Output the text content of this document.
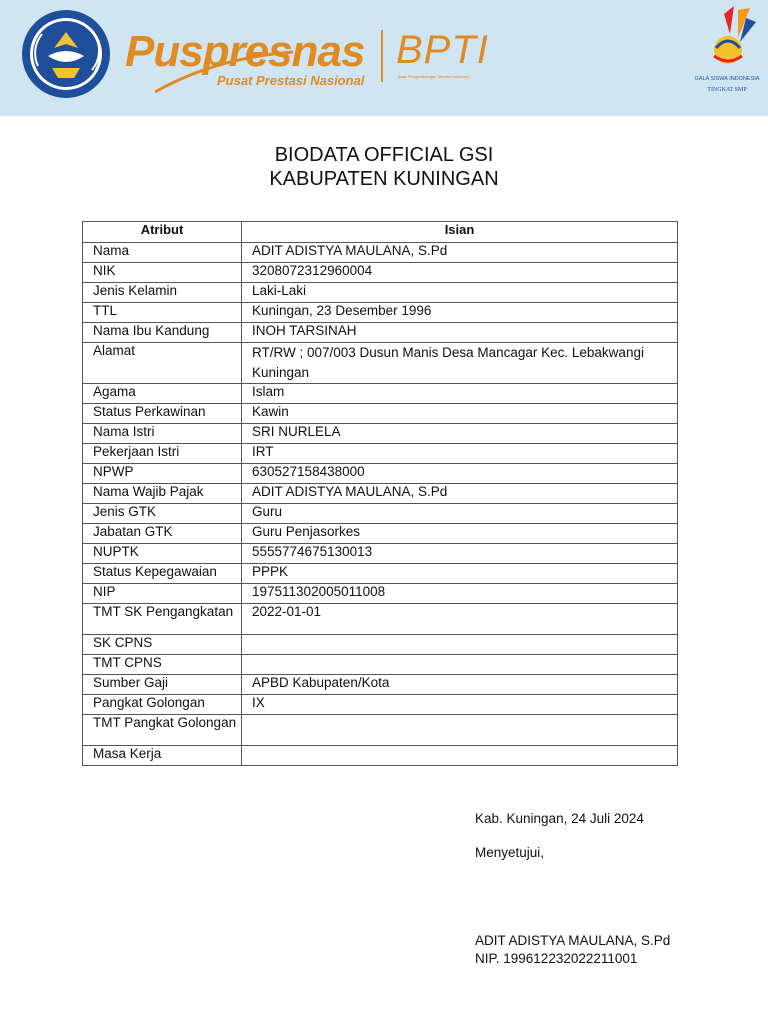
Puspresnas
Pusat Prestasi Nasional
BPTI
Balai Pengembangan Talenta Indonesia	GALA SISWA INDONESIA
TINGKAT SMP
BIODATA OFFICIAL GSI
KABUPATEN KUNINGAN
Atribut	Isian
Nama	ADIT ADISTYA MAULANA, S.Pd
NIK	3208072312960004
Jenis Kelamin	Laki-Laki
TTL	Kuningan, 23 Desember 1996
Nama Ibu Kandung	INOH TARSINAH
Alamat	RT/RW ; 007/003 Dusun Manis Desa Mancagar Kec. Lebakwangi Kuningan
Agama	Islam
Status Perkawinan	Kawin
Nama Istri	SRI NURLELA
Pekerjaan Istri	IRT
NPWP	630527158438000
Nama Wajib Pajak	ADIT ADISTYA MAULANA, S.Pd
Jenis GTK	Guru
Jabatan GTK	Guru Penjasorkes
NUPTK	5555774675130013
Status Kepegawaian	PPPK
NIP	197511302005011008
TMT SK Pengangkatan	2022-01-01
SK CPNS	
TMT CPNS	
Sumber Gaji	APBD Kabupaten/Kota
Pangkat Golongan	IX
TMT Pangkat Golongan	
Masa Kerja	
Kab. Kuningan, 24 Juli 2024
Menyetujui,
ADIT ADISTYA MAULANA, S.Pd
NIP. 199612232022211001
